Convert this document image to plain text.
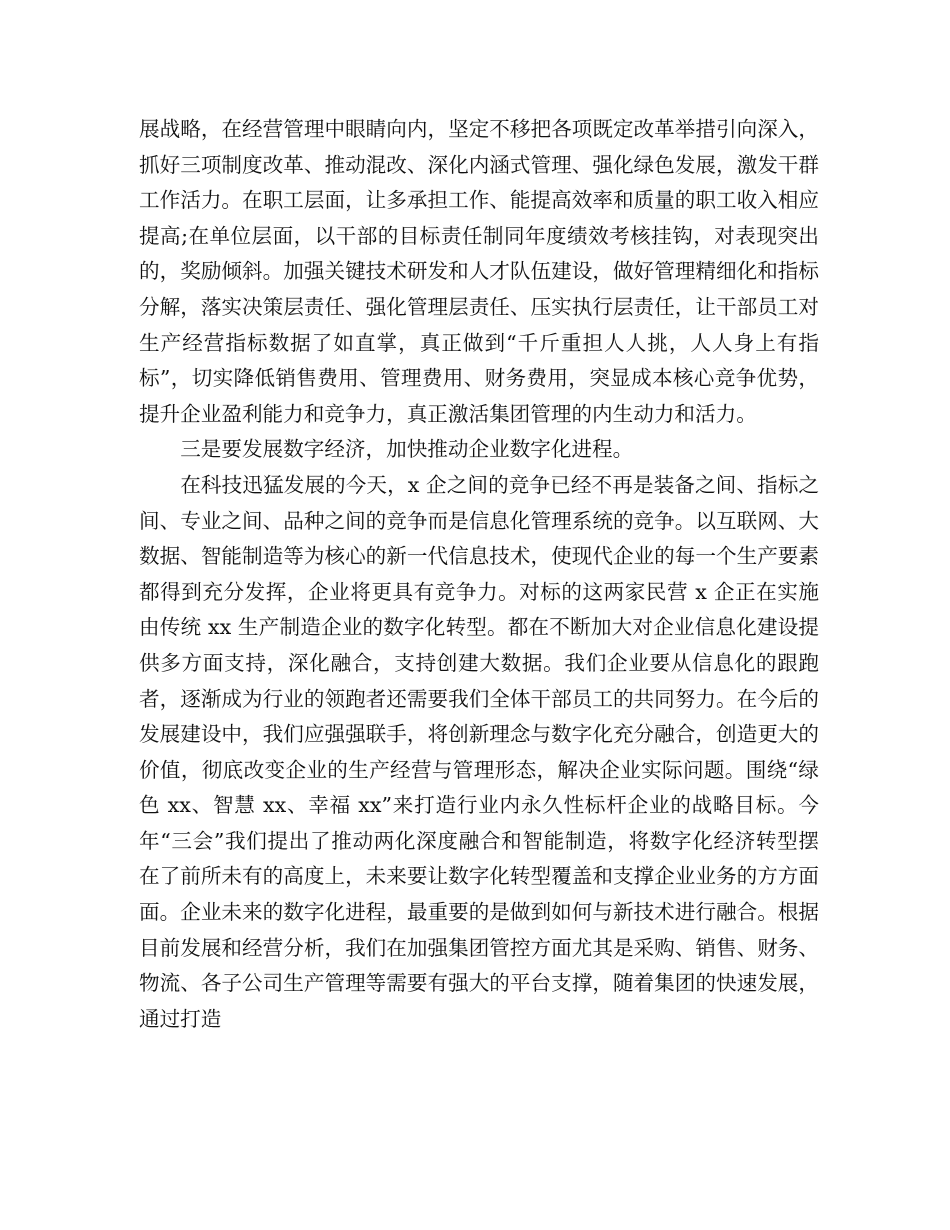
展战略，在经营管理中眼睛向内，坚定不移把各项既定改革举措引向深入，抓好三项制度改革、推动混改、深化内涵式管理、强化绿色发展，激发干群工作活力。在职工层面，让多承担工作、能提高效率和质量的职工收入相应提高;在单位层面，以干部的目标责任制同年度绩效考核挂钩，对表现突出的，奖励倾斜。加强关键技术研发和人才队伍建设，做好管理精细化和指标分解，落实决策层责任、强化管理层责任、压实执行层责任，让干部员工对生产经营指标数据了如直掌，真正做到“千斤重担人人挑，人人身上有指标”，切实降低销售费用、管理费用、财务费用，突显成本核心竞争优势，提升企业盈利能力和竞争力，真正激活集团管理的内生动力和活力。

三是要发展数字经济，加快推动企业数字化进程。

在科技迅猛发展的今天，x 企之间的竞争已经不再是装备之间、指标之间、专业之间、品种之间的竞争而是信息化管理系统的竞争。以互联网、大数据、智能制造等为核心的新一代信息技术，使现代企业的每一个生产要素都得到充分发挥，企业将更具有竞争力。对标的这两家民营 x 企正在实施由传统 xx 生产制造企业的数字化转型。都在不断加大对企业信息化建设提供多方面支持，深化融合，支持创建大数据。我们企业要从信息化的跟跑者，逐渐成为行业的领跑者还需要我们全体干部员工的共同努力。在今后的发展建设中，我们应强强联手，将创新理念与数字化充分融合，创造更大的价值，彻底改变企业的生产经营与管理形态，解决企业实际问题。围绕“绿色 xx、智慧 xx、幸福 xx”来打造行业内永久性标杆企业的战略目标。今年“三会”我们提出了推动两化深度融合和智能制造，将数字化经济转型摆在了前所未有的高度上，未来要让数字化转型覆盖和支撑企业业务的方方面面。企业未来的数字化进程，最重要的是做到如何与新技术进行融合。根据目前发展和经营分析，我们在加强集团管控方面尤其是采购、销售、财务、物流、各子公司生产管理等需要有强大的平台支撑，随着集团的快速发展，通过打造
